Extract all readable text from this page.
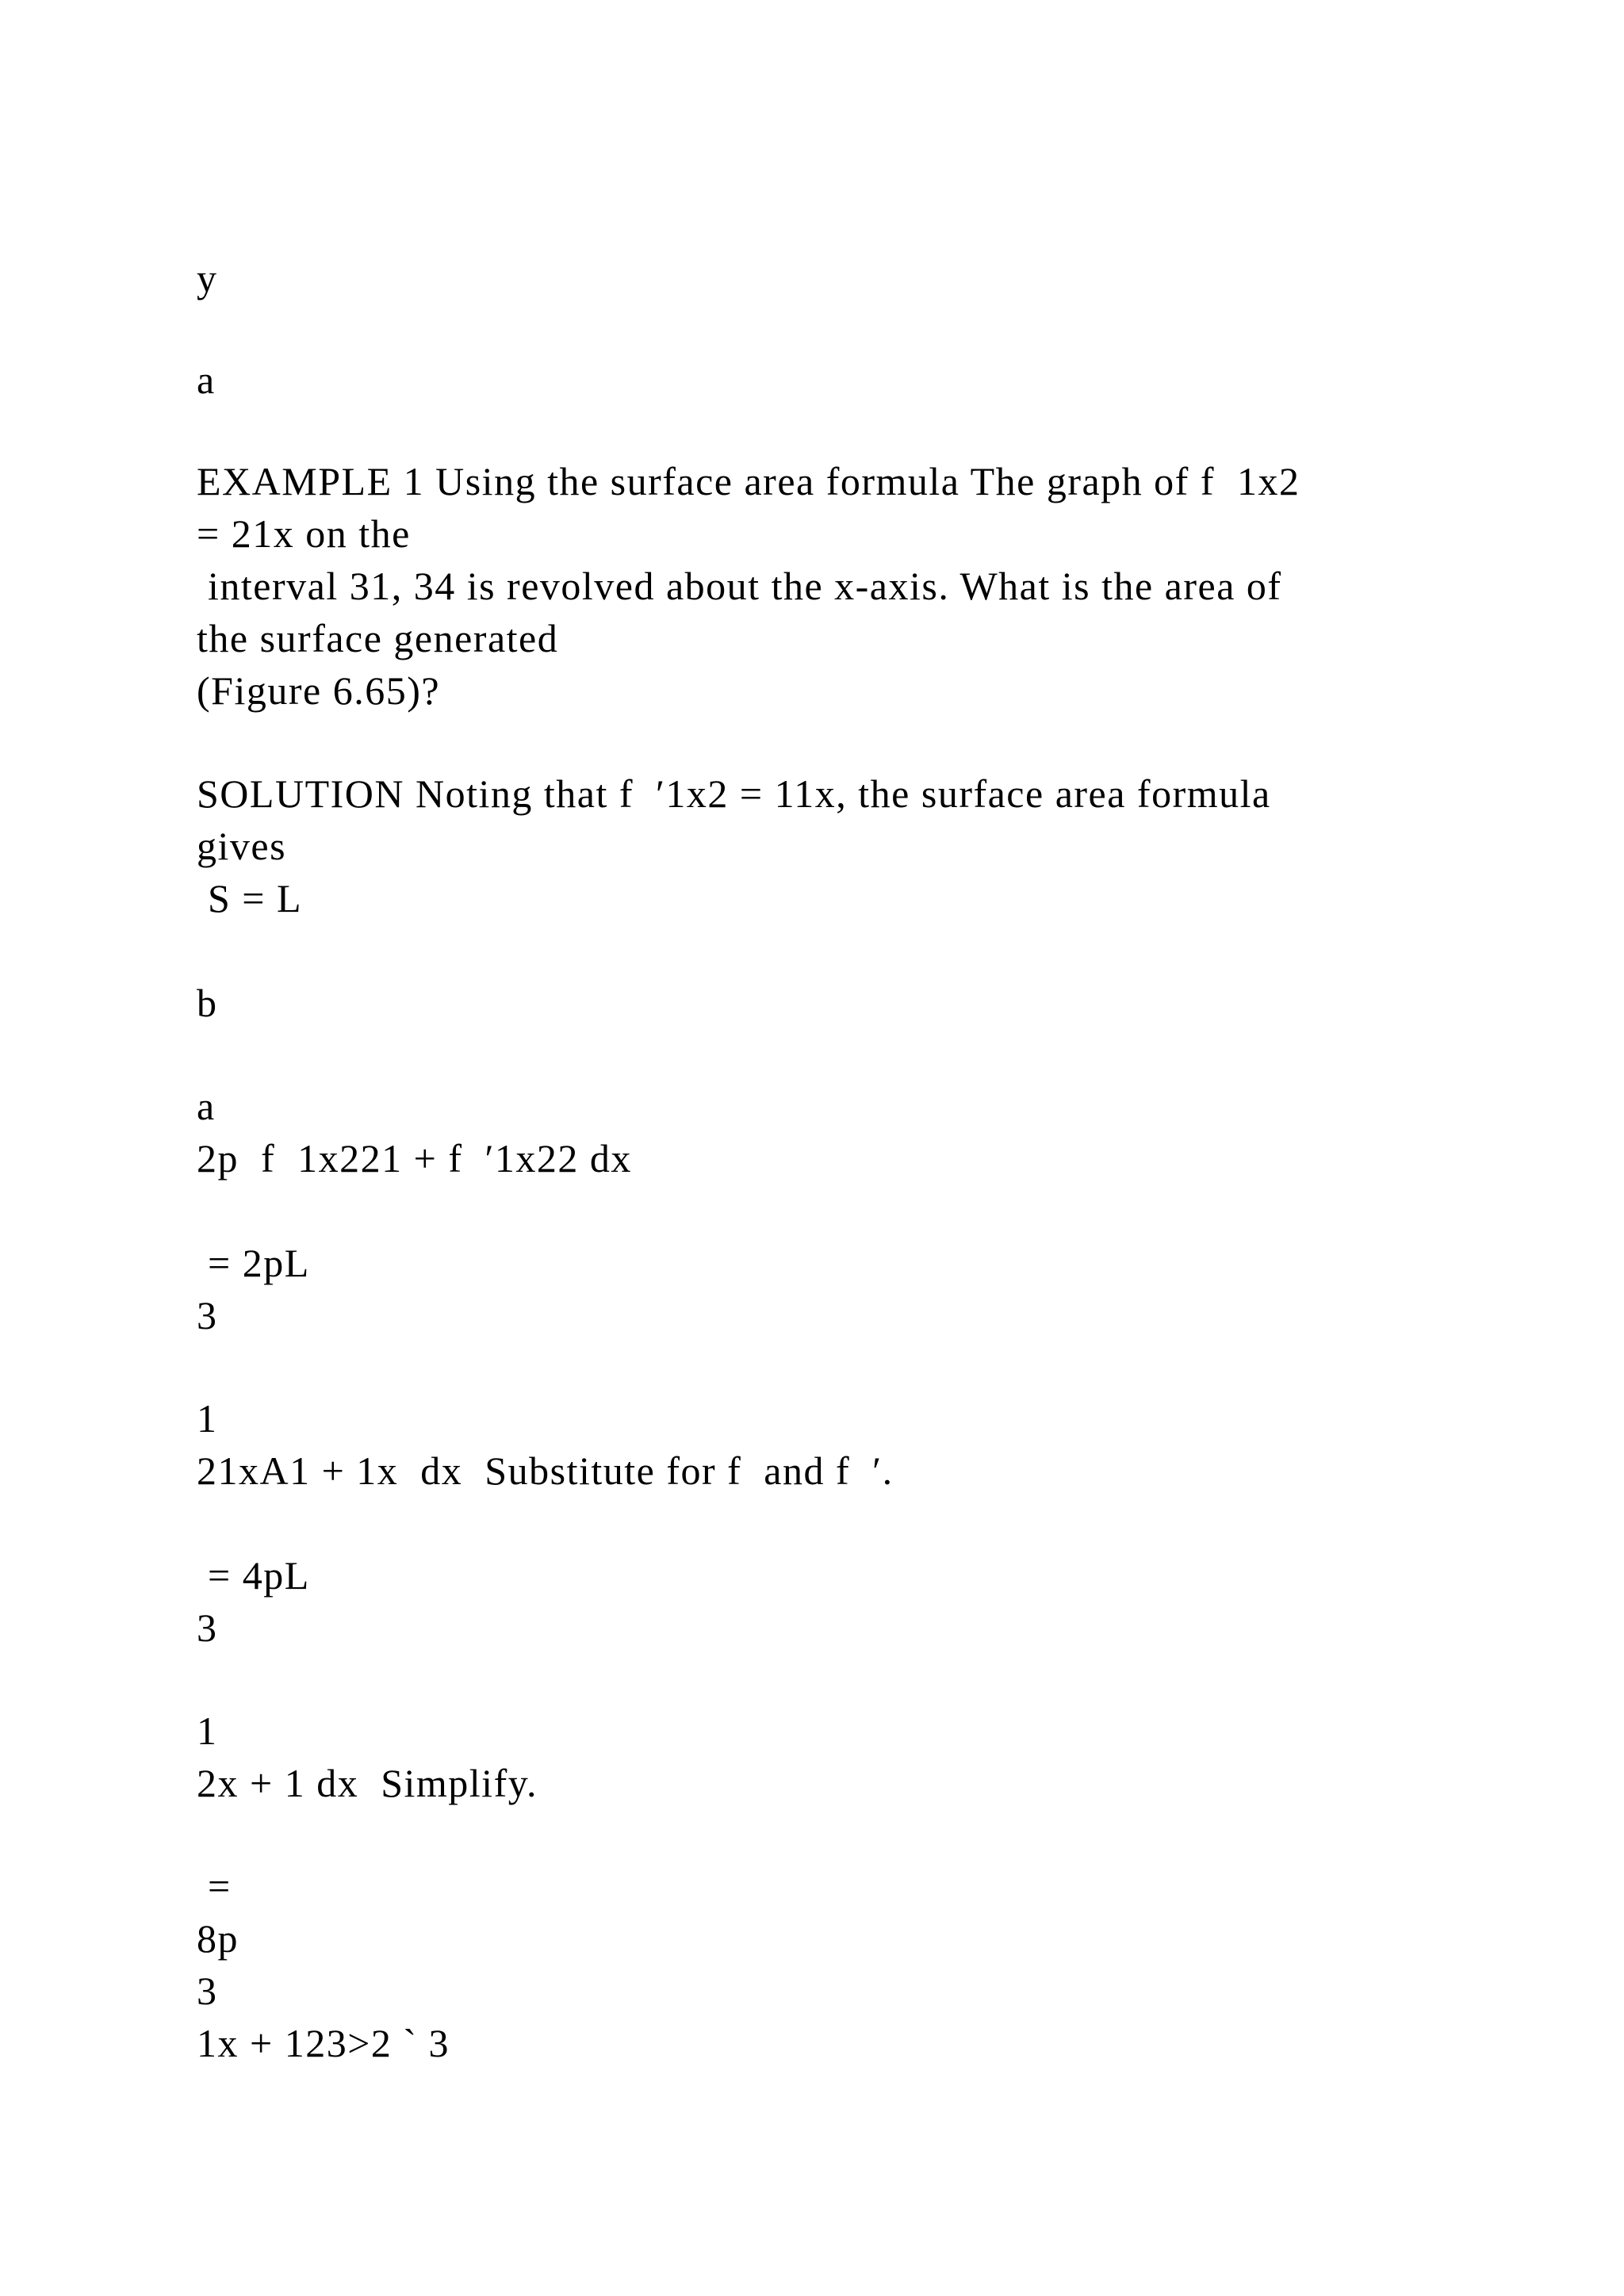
y
a
EXAMPLE 1 Using the surface area formula The graph of f  1x2
= 21x on the
interval 31, 34 is revolved about the x-axis. What is the area of
the surface generated
(Figure 6.65)?
SOLUTION Noting that f  ′1x2 = 11x, the surface area formula
gives
S = L
b
a
2p  f  1x221 + f  ′1x22 dx
= 2pL
3
1
21xA1 + 1x  dx  Substitute for f  and f  ′.
= 4pL
3
1
2x + 1 dx  Simplify.
=
8p
3
1x + 123>2 ` 3
